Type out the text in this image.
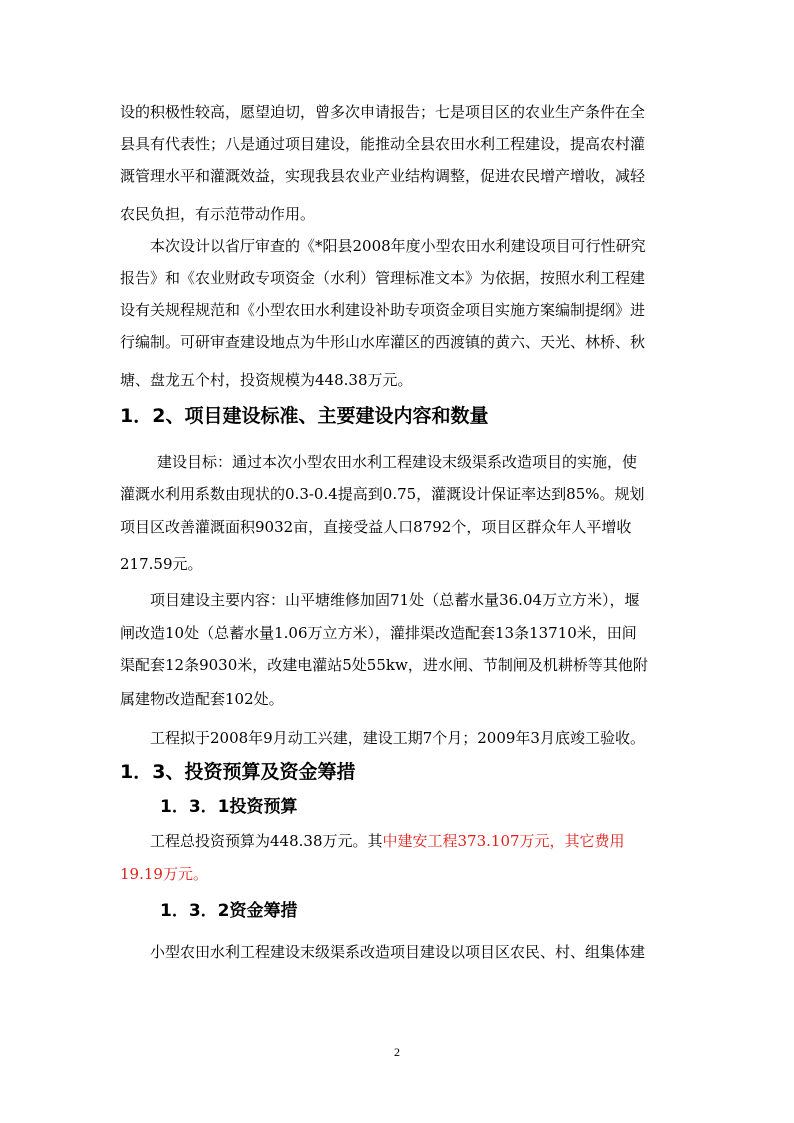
设的积极性较高，愿望迫切，曾多次申请报告；七是项目区的农业生产条件在全
县具有代表性；八是通过项目建设，能推动全县农田水利工程建设，提高农村灌
溉管理水平和灌溉效益，实现我县农业产业结构调整，促进农民增产增收，减轻
农民负担，有示范带动作用。
本次设计以省厅审查的《*阳县2008年度小型农田水利建设项目可行性研究
报告》和《农业财政专项资金（水利）管理标准文本》为依据，按照水利工程建
设有关规程规范和《小型农田水利建设补助专项资金项目实施方案编制提纲》进
行编制。可研审查建设地点为牛形山水库灌区的西渡镇的黄六、天光、林桥、秋
塘、盘龙五个村，投资规模为448.38万元。
1．2、项目建设标准、主要建设内容和数量
建设目标：通过本次小型农田水利工程建设末级渠系改造项目的实施，使
灌溉水利用系数由现状的0.3-0.4提高到0.75，灌溉设计保证率达到85%。规划
项目区改善灌溉面积9032亩，直接受益人口8792个，项目区群众年人平增收
217.59元。
项目建设主要内容：山平塘维修加固71处（总蓄水量36.04万立方米），堰
闸改造10处（总蓄水量1.06万立方米），灌排渠改造配套13条13710米，田间
渠配套12条9030米，改建电灌站5处55kw，进水闸、节制闸及机耕桥等其他附
属建物改造配套102处。
工程拟于2008年9月动工兴建，建设工期7个月；2009年3月底竣工验收。
1．3、投资预算及资金筹措
1．3．1投资预算
工程总投资预算为448.38万元。其中建安工程373.107万元，其它费用
19.19万元。
1．3．2资金筹措
小型农田水利工程建设末级渠系改造项目建设以项目区农民、村、组集体建
2
